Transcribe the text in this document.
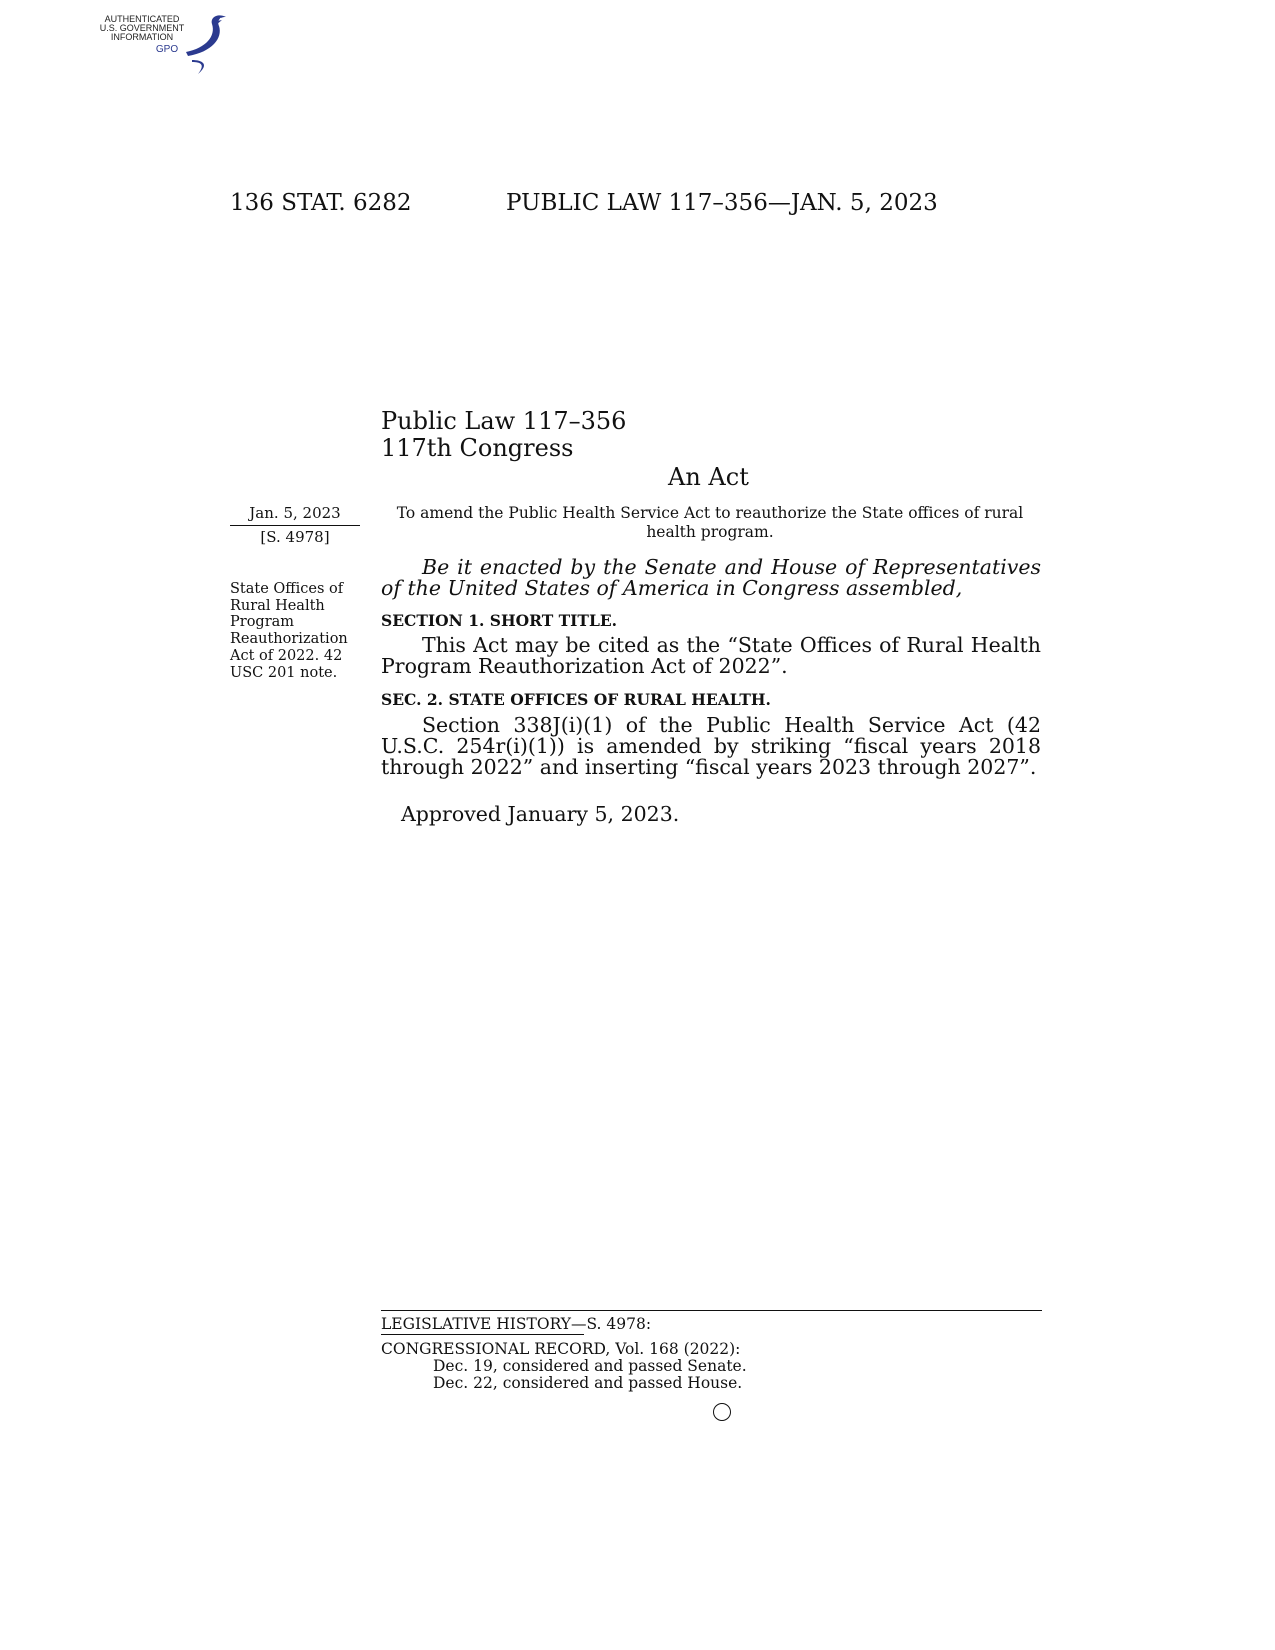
AUTHENTICATED
U.S. GOVERNMENT
INFORMATION
GPO
136 STAT. 6282	PUBLIC LAW 117–356—JAN. 5, 2023
Public Law 117–356
117th Congress
An Act
Jan. 5, 2023
[S. 4978]
State Offices of Rural Health Program Reauthorization Act of 2022. 42 USC 201 note.
To amend the Public Health Service Act to reauthorize the State offices of rural health program.
Be it enacted by the Senate and House of Representatives of the United States of America in Congress assembled,
SECTION 1. SHORT TITLE.
This Act may be cited as the “State Offices of Rural Health Program Reauthorization Act of 2022”.
SEC. 2. STATE OFFICES OF RURAL HEALTH.
Section 338J(i)(1) of the Public Health Service Act (42 U.S.C. 254r(i)(1)) is amended by striking “fiscal years 2018 through 2022” and inserting “fiscal years 2023 through 2027”.
Approved January 5, 2023.
LEGISLATIVE HISTORY—S. 4978:
CONGRESSIONAL RECORD, Vol. 168 (2022):
Dec. 19, considered and passed Senate.
Dec. 22, considered and passed House.
